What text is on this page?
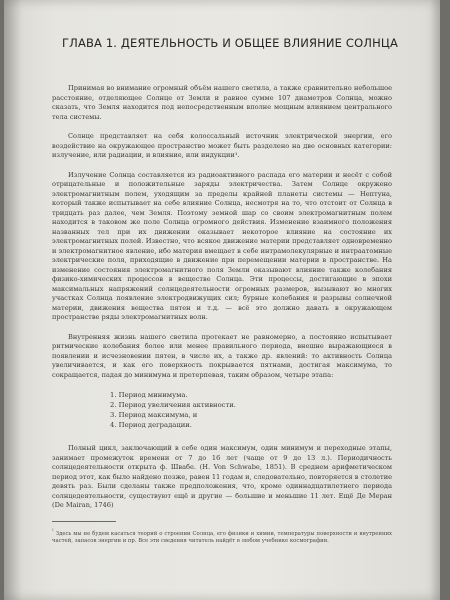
ГЛАВА 1. ДЕЯТЕЛЬНОСТЬ И ОБЩЕЕ ВЛИЯНИЕ СОЛНЦА

Принимая во внимание огромный объём нашего светила, а также сравнительно небольшое расстояние, отделяющее Солнце от Земли и равное сумме 107 диаметров Солнца, можно сказать, что Земля находится под непосредственным вполне мощным влиянием центрального тела системы.

Солнце представляет на себя колоссальный источник электрической энергии, его воздействие на окружающее пространство может быть разделено на две основных категории: излучение, или радиации, и влияние, или индукции¹.

Излучение Солнца составляется из радиоактивного распада его материи и несёт с собой отрицательные и положительные заряды электричества. Затем Солнце окружено электромагнитным полем, уходящим за пределы крайней планеты системы — Нептуна, который также испытывает на себе влияние Солнца, несмотря на то, что отстоит от Солнца в тридцать раз далее, чем Земля. Поэтому земной шар со своим электромагнитным полем находится в таковом же поле Солнца огромного действия. Изменение взаимного положения названных тел при их движении оказывает некоторое влияние на состояние их электромагнитных полей. Известно, что всякое движение материи представляет одновременно и электромагнитное явление, ибо материя вмещает в себе интрамолекулярные и интраатомные электрические поля, приходящие в движение при перемещении материи в пространстве. На изменение состояния электромагнитного поля Земли оказывают влияние также колебания физико-химических процессов в веществе Солнца. Эти процессы, достигающие в эпохи максимальных напряжений солнцедеятельности огромных размеров, вызывают во многих участках Солнца появление электродвижущих сил; бурные колебания и разрывы солнечной материи, движения вещества пятен и т.д. — всё это должно давать в окружающем пространстве ряды электромагнитных волн.

Внутренняя жизнь нашего светила протекает не равномерно, а постоянно испытывает ритмические колебания более или менее правильного периода, внешне выражающиеся в появлении и исчезновении пятен, в числе их, а также др. явлений: то активность Солнца увеличивается, и как его поверхность покрывается пятнами, достигая максимума, то сокращается, падая до минимума и претерпевая, таким образом, четыре этапа:

1. Период минимума.
2. Период увеличения активности.
3. Период максимума, и
4. Период деградации.

Полный цикл, заключающий в себе один максимум, один минимум и переходные этапы, занимает промежуток времени от 7 до 16 лет (чаще от 9 до 13 л.). Периодичность солнцедеятельности открыта ф. Швабе. (H. Von Schwabe, 1851). В среднем арифметическом период этот, как было найдено позже, равен 11 годам и, следовательно, повторяется в столетие девять раз. Были сделаны также предположения, что, кроме одиннадцатилетнего периода солнцедеятельности, существуют ещё и другие — большие и меньшие 11 лет. Ещё Де Меран (De Mairan, 1746)

$^{^1}$ Здесь мы не будем касаться теорий о строении Солнца, его физики и химии, температуры поверхности и внутренних частей, запасов энергии и пр. Все эти сведения читатель найдёт в любом учебнике космографии.
